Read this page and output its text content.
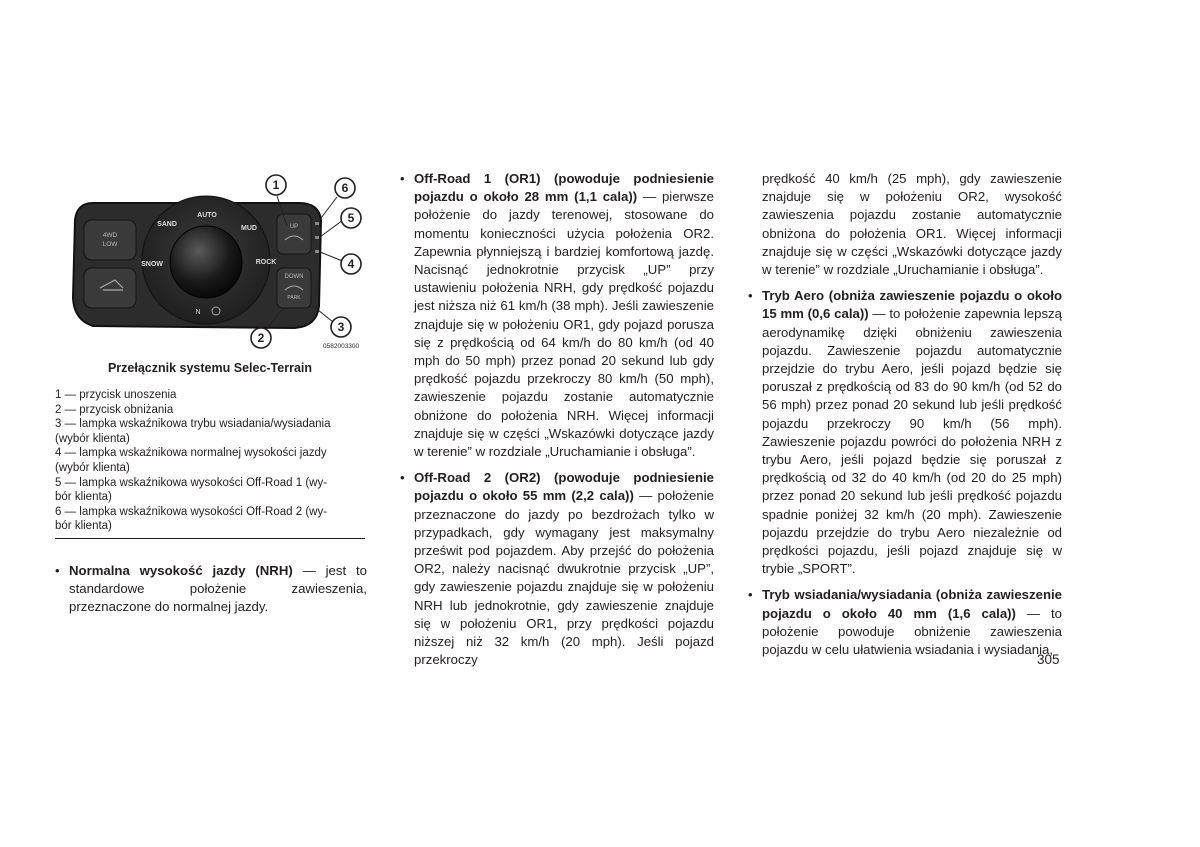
4WD
LOW
UP
DOWN
PARK
AUTO
SAND
MUD
SNOW	ROCK
N
1
2
3
4
5
6
0582003300
Przełącznik systemu Selec-Terrain
1 — przycisk unoszenia
2 — przycisk obniżania
3 — lampka wskaźnikowa trybu wsiadania/wysiadania
(wybór klienta)
4 — lampka wskaźnikowa normalnej wysokości jazdy
(wybór klienta)
5 — lampka wskaźnikowa wysokości Off-Road 1 (wy-
bór klienta)
6 — lampka wskaźnikowa wysokości Off-Road 2 (wy-
bór klienta)
• Normalna wysokość jazdy (NRH) — jest to standardowe położenie zawieszenia, przeznaczone do normalnej jazdy.

• Off-Road 1 (OR1) (powoduje podniesienie pojazdu o około 28 mm (1,1 cala)) — pierwsze położenie do jazdy terenowej, stosowane do momentu konieczności użycia położenia OR2. Zapewnia płynniejszą i bardziej komfortową jazdę. Nacisnąć jednokrotnie przycisk „UP” przy ustawieniu położenia NRH, gdy prędkość pojazdu jest niższa niż 61 km/h (38 mph). Jeśli zawieszenie znajduje się w położeniu OR1, gdy pojazd porusza się z prędkością od 64 km/h do 80 km/h (od 40 mph do 50 mph) przez ponad 20 sekund lub gdy prędkość pojazdu przekroczy 80 km/h (50 mph), zawieszenie pojazdu zostanie automatycznie obniżone do położenia NRH. Więcej informacji znajduje się w części „Wskazówki dotyczące jazdy w terenie” w rozdziale „Uruchamianie i obsługa”.

• Off-Road 2 (OR2) (powoduje podniesienie pojazdu o około 55 mm (2,2 cala)) — położenie przeznaczone do jazdy po bezdrożach tylko w przypadkach, gdy wymagany jest maksymalny prześwit pod pojazdem. Aby przejść do położenia OR2, należy nacisnąć dwukrotnie przycisk „UP”, gdy zawieszenie pojazdu znajduje się w położeniu NRH lub jednokrotnie, gdy zawieszenie znajduje się w położeniu OR1, przy prędkości pojazdu niższej niż 32 km/h (20 mph). Jeśli pojazd przekroczy

prędkość 40 km/h (25 mph), gdy zawieszenie znajduje się w położeniu OR2, wysokość zawieszenia pojazdu zostanie automatycznie obniżona do położenia OR1. Więcej informacji znajduje się w części „Wskazówki dotyczące jazdy w terenie” w rozdziale „Uruchamianie i obsługa”.

• Tryb Aero (obniża zawieszenie pojazdu o około 15 mm (0,6 cala)) — to położenie zapewnia lepszą aerodynamikę dzięki obniżeniu zawieszenia pojazdu. Zawieszenie pojazdu automatycznie przejdzie do trybu Aero, jeśli pojazd będzie się poruszał z prędkością od 83 do 90 km/h (od 52 do 56 mph) przez ponad 20 sekund lub jeśli prędkość pojazdu przekroczy 90 km/h (56 mph). Zawieszenie pojazdu powróci do położenia NRH z trybu Aero, jeśli pojazd będzie się poruszał z prędkością od 32 do 40 km/h (od 20 do 25 mph) przez ponad 20 sekund lub jeśli prędkość pojazdu spadnie poniżej 32 km/h (20 mph). Zawieszenie pojazdu przejdzie do trybu Aero niezależnie od prędkości pojazdu, jeśli pojazd znajduje się w trybie „SPORT”.

• Tryb wsiadania/wysiadania (obniża zawieszenie pojazdu o około 40 mm (1,6 cala)) — to położenie powoduje obniżenie zawieszenia pojazdu w celu ułatwienia wsiadania i wysiadania,

305
